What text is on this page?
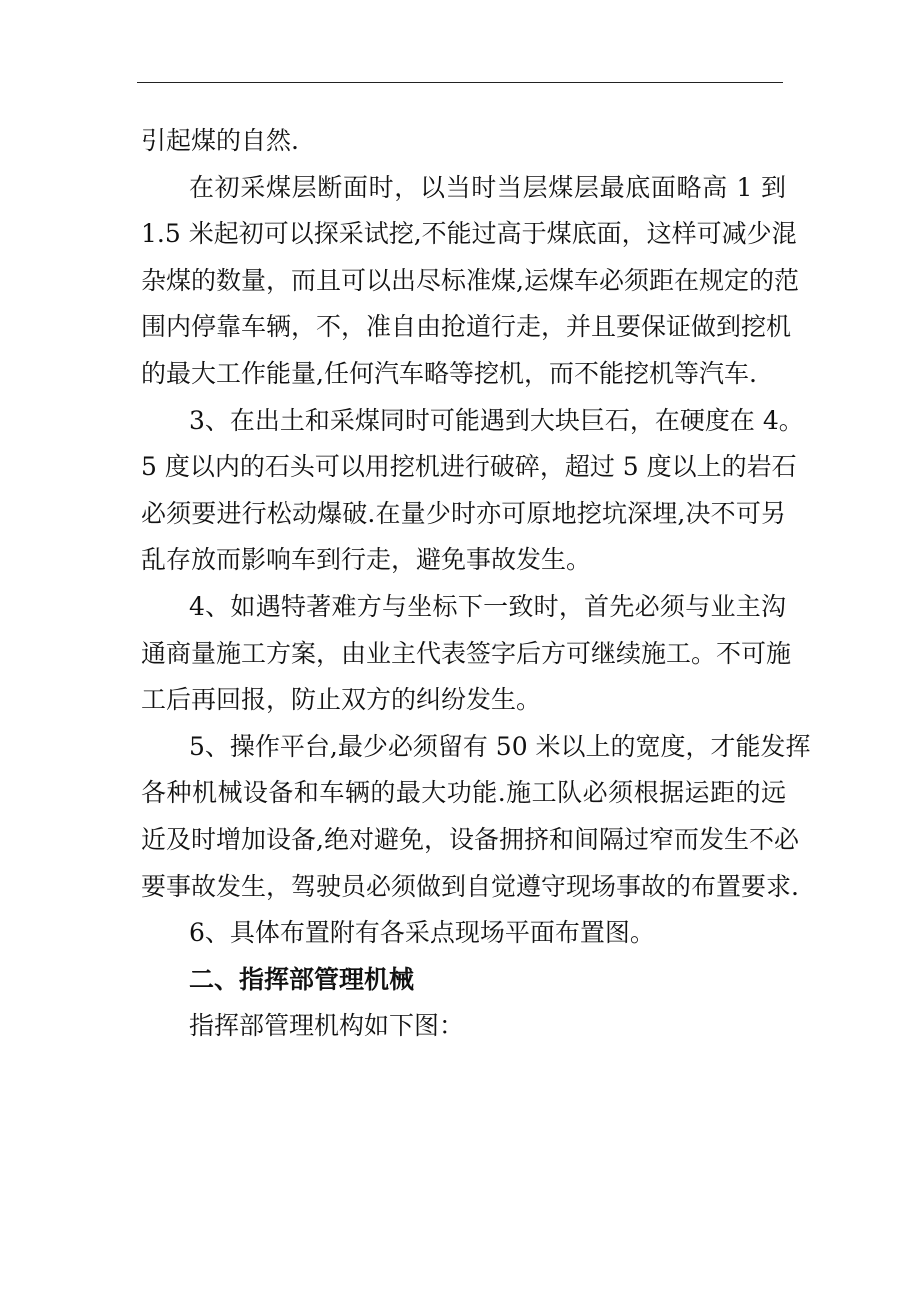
引起煤的自然.
在初采煤层断面时，以当时当层煤层最底面略高 1 到
1.5 米起初可以探采试挖,不能过高于煤底面，这样可减少混
杂煤的数量，而且可以出尽标准煤,运煤车必须距在规定的范
围内停靠车辆，不，准自由抢道行走，并且要保证做到挖机
的最大工作能量,任何汽车略等挖机，而不能挖机等汽车.
3、在出土和采煤同时可能遇到大块巨石，在硬度在 4。
5 度以内的石头可以用挖机进行破碎，超过 5 度以上的岩石
必须要进行松动爆破.在量少时亦可原地挖坑深埋,决不可另
乱存放而影响车到行走，避免事故发生。
4、如遇特著难方与坐标下一致时，首先必须与业主沟
通商量施工方案，由业主代表签字后方可继续施工。不可施
工后再回报，防止双方的纠纷发生。
5、操作平台,最少必须留有 50 米以上的宽度，才能发挥
各种机械设备和车辆的最大功能.施工队必须根据运距的远
近及时增加设备,绝对避免，设备拥挤和间隔过窄而发生不必
要事故发生，驾驶员必须做到自觉遵守现场事故的布置要求.
6、具体布置附有各采点现场平面布置图。
二、指挥部管理机械
指挥部管理机构如下图：
